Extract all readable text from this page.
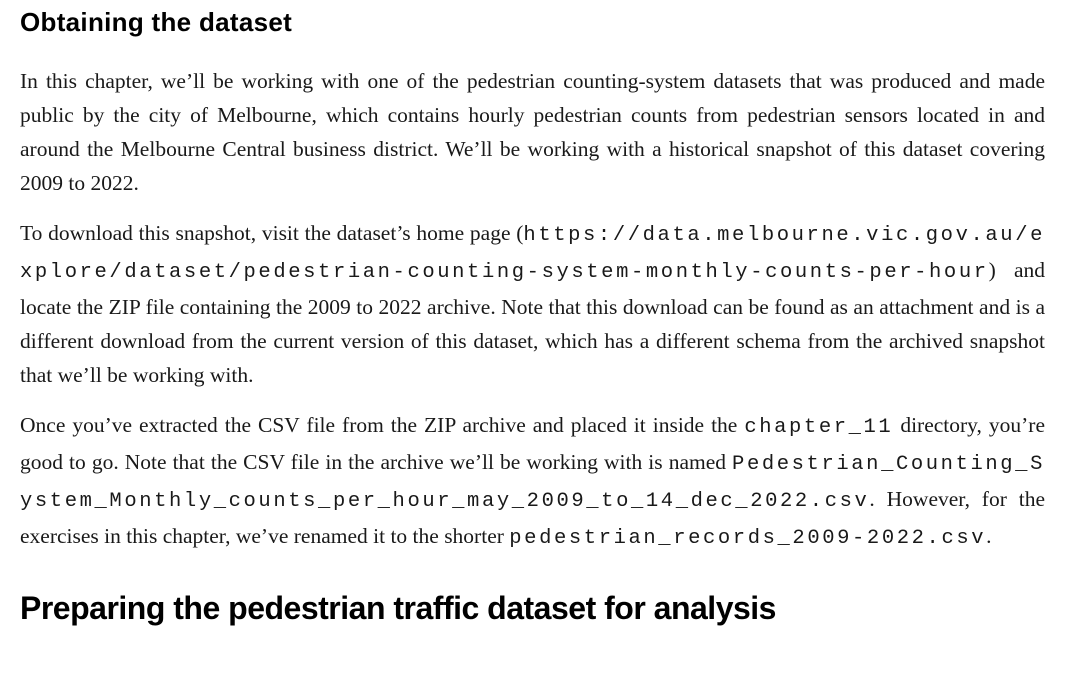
Obtaining the dataset

In this chapter, we’ll be working with one of the pedestrian counting-system datasets that was produced and made public by the city of Melbourne, which contains hourly pedestrian counts from pedestrian sensors located in and around the Melbourne Central business district. We’ll be working with a historical snapshot of this dataset covering 2009 to 2022.

To download this snapshot, visit the dataset’s home page (https://data.melbourne.vic.gov.au/explore/dataset/pedestrian-counting-system-monthly-counts-per-hour) and locate the ZIP file containing the 2009 to 2022 archive. Note that this download can be found as an attachment and is a different download from the current version of this dataset, which has a different schema from the archived snapshot that we’ll be working with.

Once you’ve extracted the CSV file from the ZIP archive and placed it inside the chapter_11 directory, you’re good to go. Note that the CSV file in the archive we’ll be working with is named Pedestrian_Counting_System_Monthly_counts_per_hour_may_2009_to_14_dec_2022.csv. However, for the exercises in this chapter, we’ve renamed it to the shorter pedestrian_records_2009-2022.csv.

Preparing the pedestrian traffic dataset for analysis
